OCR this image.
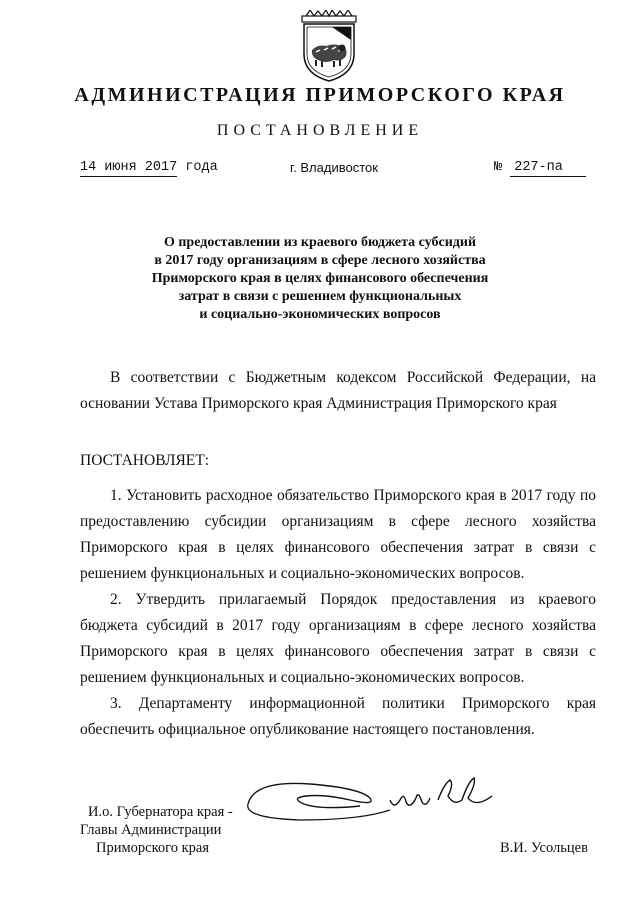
АДМИНИСТРАЦИЯ ПРИМОРСКОГО КРАЯ
ПОСТАНОВЛЕНИЕ
14 июня 2017 года	г. Владивосток	№ 227-па
О предоставлении из краевого бюджета субсидий
в 2017 году организациям в сфере лесного хозяйства
Приморского края в целях финансового обеспечения
затрат в связи с решением функциональных
и социально-экономических вопросов

В соответствии с Бюджетным кодексом Российской Федерации, на основании Устава Приморского края Администрация Приморского края

ПОСТАНОВЛЯЕТ:

1. Установить расходное обязательство Приморского края в 2017 году по предоставлению субсидии организациям в сфере лесного хозяйства Приморского края в целях финансового обеспечения затрат в связи с решением функциональных и социально-экономических вопросов.

2. Утвердить прилагаемый Порядок предоставления из краевого бюджета субсидий в 2017 году организациям в сфере лесного хозяйства Приморского края в целях финансового обеспечения затрат в связи с решением функциональных и социально-экономических вопросов.

3. Департаменту информационной политики Приморского края обеспечить официальное опубликование настоящего постановления.

И.о. Губернатора края -
Главы Администрации
Приморского края	В.И. Усольцев
